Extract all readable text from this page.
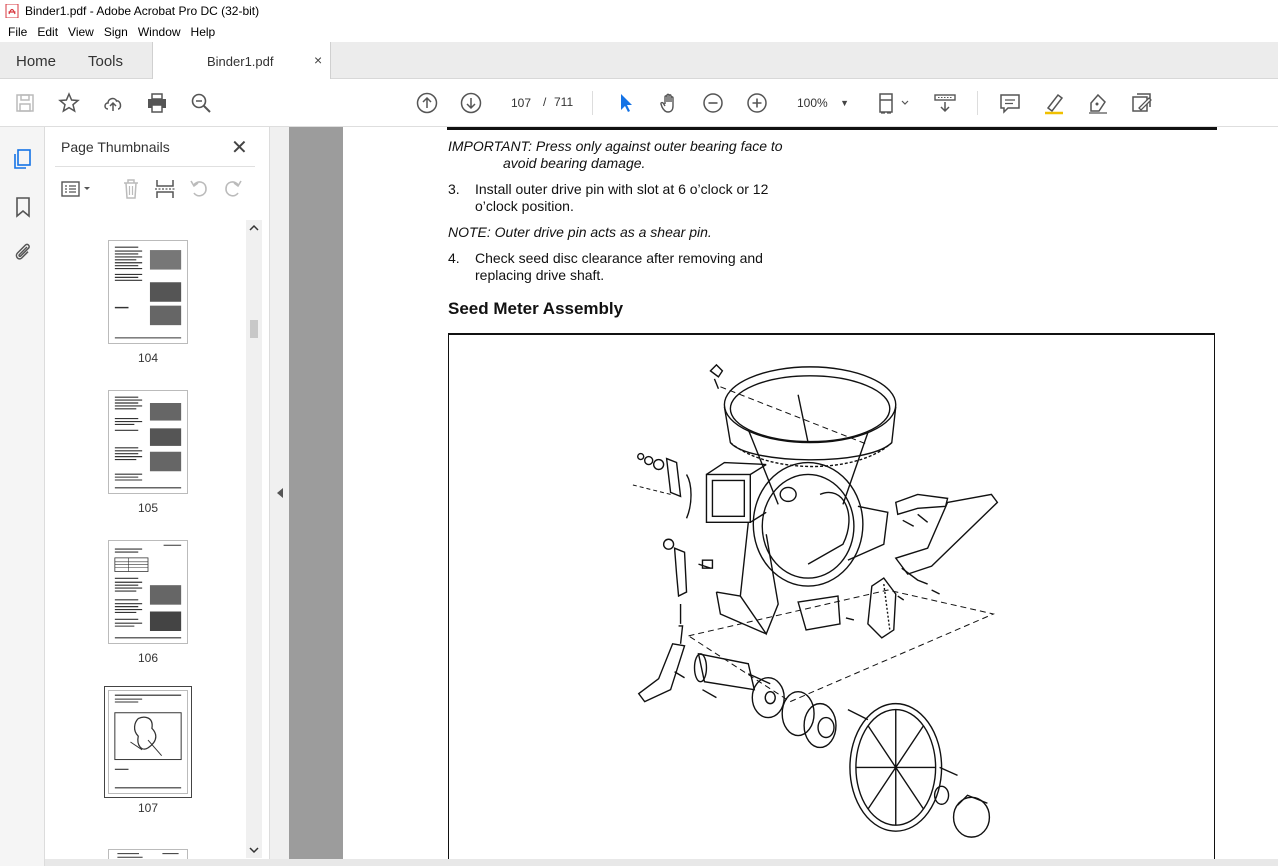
Binder1.pdf - Adobe Acrobat Pro DC (32-bit)
File Edit View Sign Window Help
Home Tools	Binder1.pdf	×
107 / 711	100% ▼
Page Thumbnails	✕
104
105
106
107
IMPORTANT: Press only against outer bearing face to
avoid bearing damage.
3. Install outer drive pin with slot at 6 o’clock or 12
o’clock position.
NOTE: Outer drive pin acts as a shear pin.
4. Check seed disc clearance after removing and
replacing drive shaft.
Seed Meter Assembly
